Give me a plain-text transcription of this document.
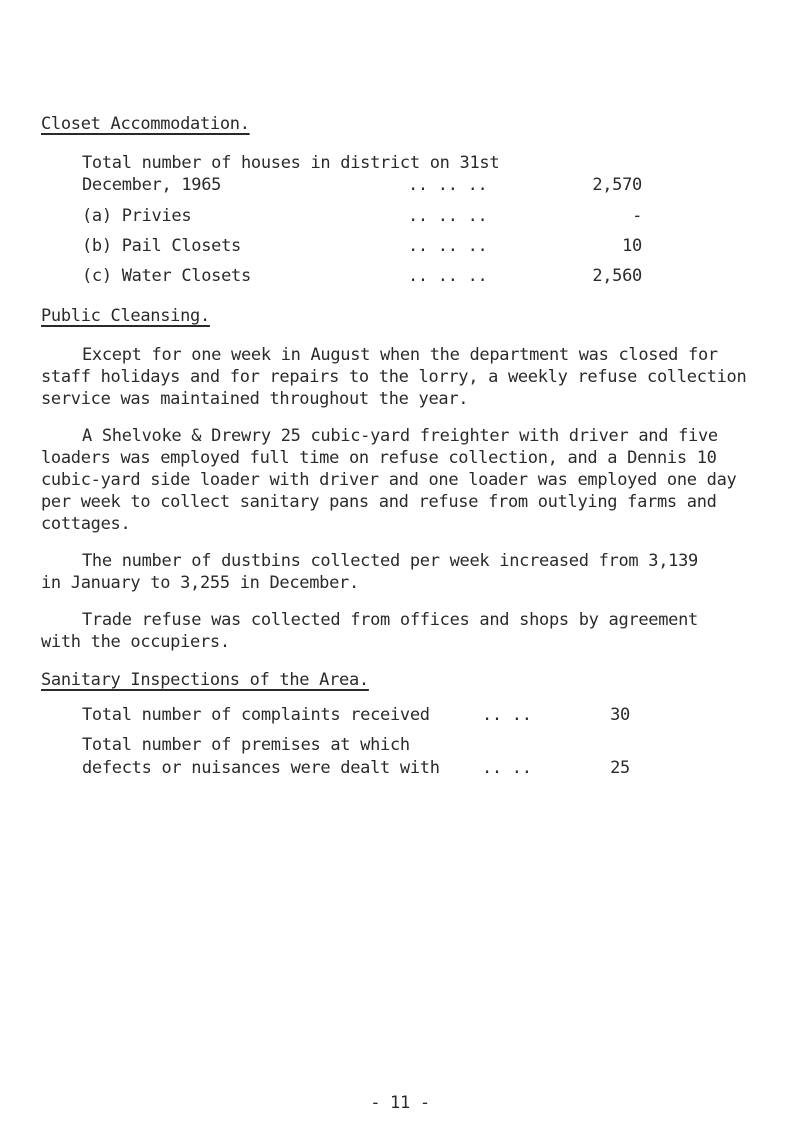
Closet Accommodation.
Total number of houses in district on 31st
December, 1965	.. .. ..	2,570
(a) Privies	.. .. ..	-
(b) Pail Closets	.. .. ..	10
(c) Water Closets	.. .. ..	2,560
Public Cleansing.
Except for one week in August when the department was closed for
staff holidays and for repairs to the lorry, a weekly refuse collection
service was maintained throughout the year.
A Shelvoke & Drewry 25 cubic-yard freighter with driver and five
loaders was employed full time on refuse collection, and a Dennis 10
cubic-yard side loader with driver and one loader was employed one day
per week to collect sanitary pans and refuse from outlying farms and
cottages.
The number of dustbins collected per week increased from 3,139
in January to 3,255 in December.
Trade refuse was collected from offices and shops by agreement
with the occupiers.
Sanitary Inspections of the Area.
Total number of complaints received	.. ..	30
Total number of premises at which
defects or nuisances were dealt with .. ..	25
- 11 -
